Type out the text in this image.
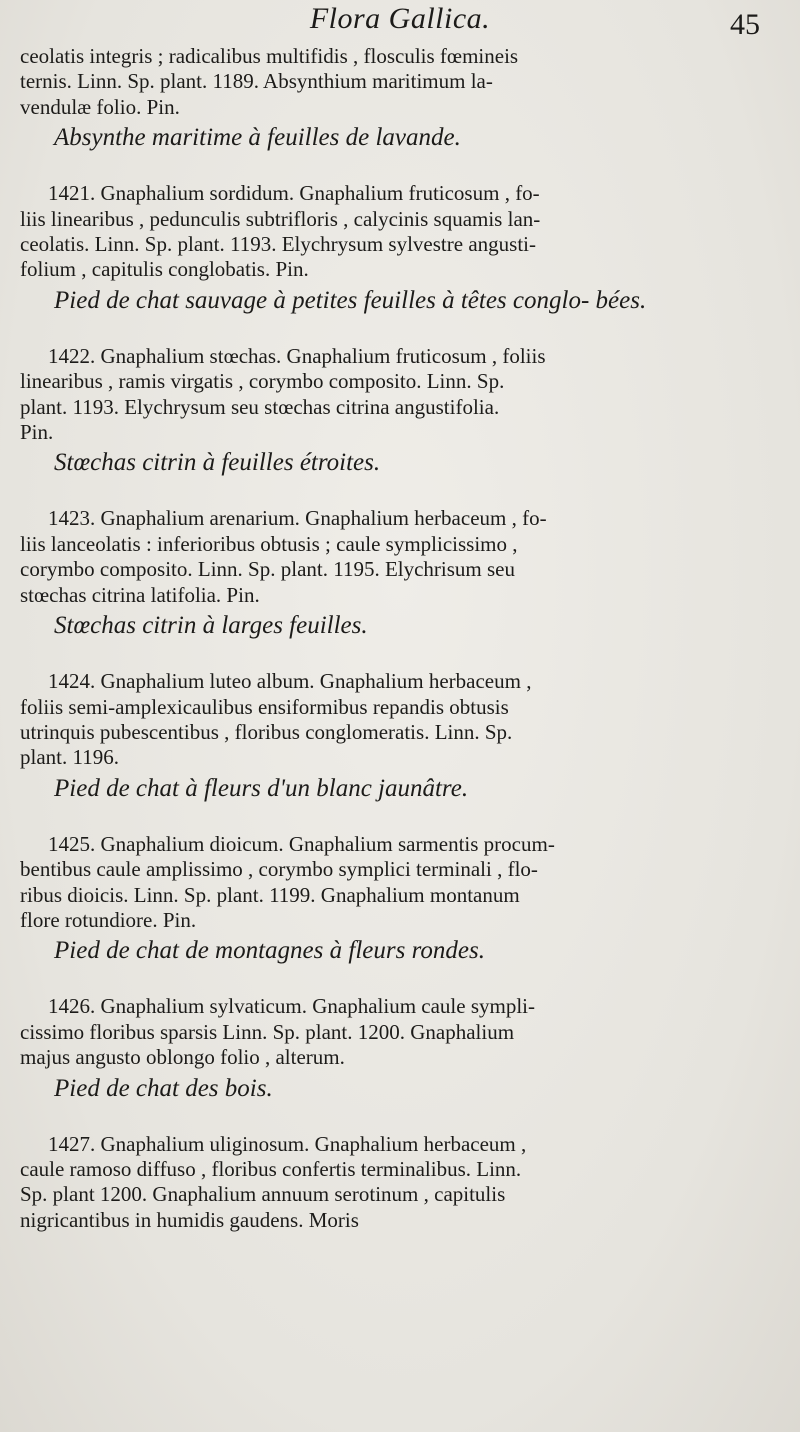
Flora Gallica.	45

ceolatis integris ; radicalibus multifidis , flosculis fœmineis
ternis. Linn. Sp. plant. 1189. Absynthium maritimum la-
vendulæ folio. Pin.

Absynthe maritime à feuilles de lavande.

1421. Gnaphalium sordidum. Gnaphalium fruticosum , fo-
liis linearibus , pedunculis subtrifloris , calycinis squamis lan-
ceolatis. Linn. Sp. plant. 1193. Elychrysum sylvestre angusti-
folium , capitulis conglobatis. Pin.

Pied de chat sauvage à petites feuilles à têtes conglo- bées.

1422. Gnaphalium stœchas. Gnaphalium fruticosum , foliis
linearibus , ramis virgatis , corymbo composito. Linn. Sp.
plant. 1193. Elychrysum seu stœchas citrina angustifolia.
Pin.

Stœchas citrin à feuilles étroites.

1423. Gnaphalium arenarium. Gnaphalium herbaceum , fo-
liis lanceolatis : inferioribus obtusis ; caule symplicissimo ,
corymbo composito. Linn. Sp. plant. 1195. Elychrisum seu
stœchas citrina latifolia. Pin.

Stœchas citrin à larges feuilles.

1424. Gnaphalium luteo album. Gnaphalium herbaceum ,
foliis semi-amplexicaulibus ensiformibus repandis obtusis
utrinquis pubescentibus , floribus conglomeratis. Linn. Sp.
plant. 1196.

Pied de chat à fleurs d'un blanc jaunâtre.

1425. Gnaphalium dioicum. Gnaphalium sarmentis procum-
bentibus caule amplissimo , corymbo symplici terminali , flo-
ribus dioicis. Linn. Sp. plant. 1199. Gnaphalium montanum
flore rotundiore. Pin.

Pied de chat de montagnes à fleurs rondes.

1426. Gnaphalium sylvaticum. Gnaphalium caule sympli-
cissimo floribus sparsis Linn. Sp. plant. 1200. Gnaphalium
majus angusto oblongo folio , alterum.

Pied de chat des bois.

1427. Gnaphalium uliginosum. Gnaphalium herbaceum ,
caule ramoso diffuso , floribus confertis terminalibus. Linn.
Sp. plant 1200. Gnaphalium annuum serotinum , capitulis
nigricantibus in humidis gaudens. Moris
